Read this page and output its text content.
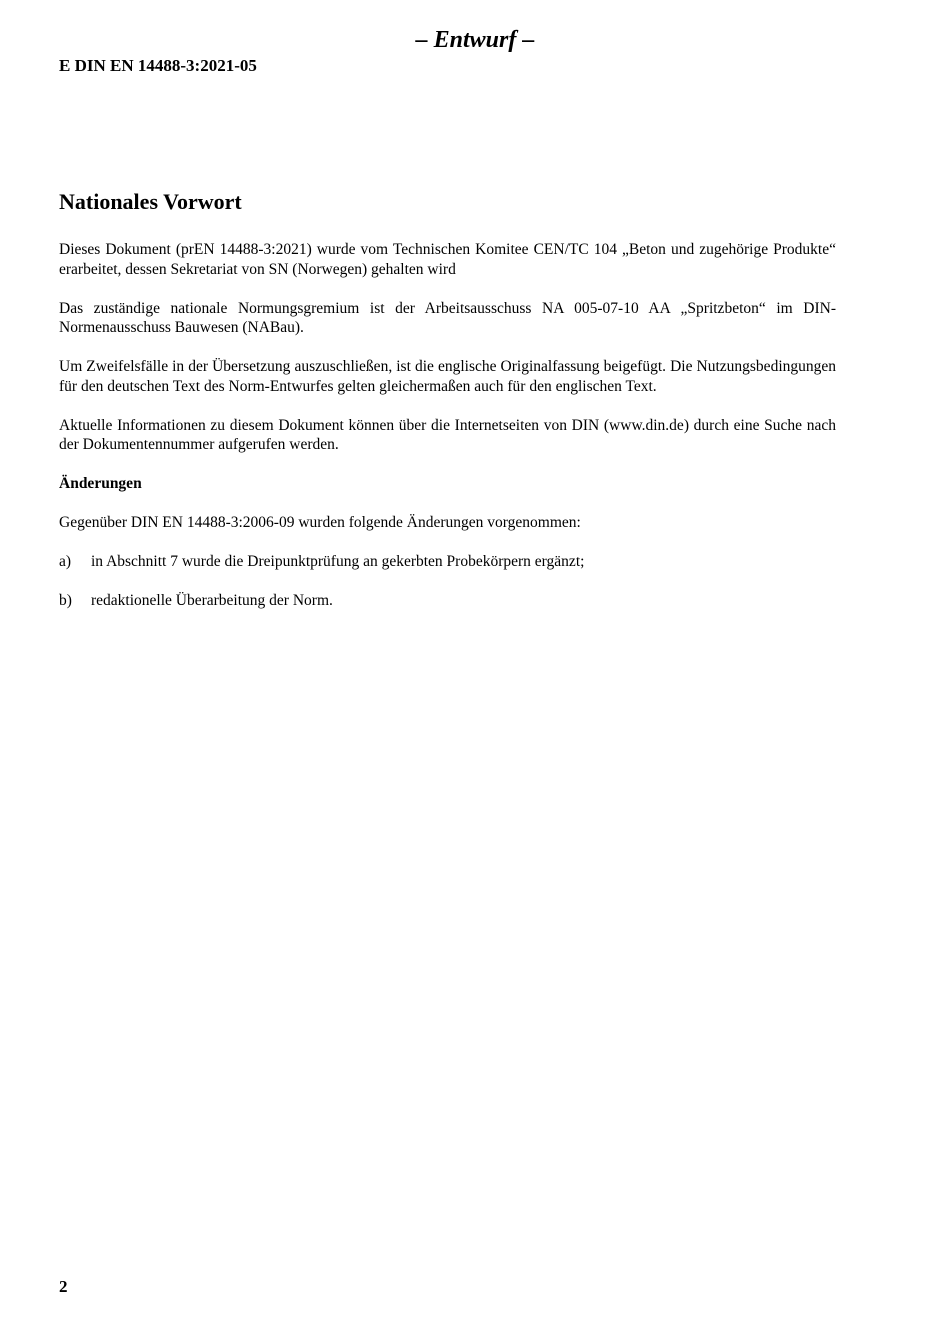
– Entwurf –
E DIN EN 14488-3:2021-05
Nationales Vorwort
Dieses Dokument (prEN 14488-3:2021) wurde vom Technischen Komitee CEN/TC 104 „Beton und zugehörige Produkte“ erarbeitet, dessen Sekretariat von SN (Norwegen) gehalten wird
Das zuständige nationale Normungsgremium ist der Arbeitsausschuss NA 005-07-10 AA „Spritzbeton“ im DIN-Normenausschuss Bauwesen (NABau).
Um Zweifelsfälle in der Übersetzung auszuschließen, ist die englische Originalfassung beigefügt. Die Nutzungsbedingungen für den deutschen Text des Norm-Entwurfes gelten gleichermaßen auch für den englischen Text.
Aktuelle Informationen zu diesem Dokument können über die Internetseiten von DIN (www.din.de) durch eine Suche nach der Dokumentennummer aufgerufen werden.
Änderungen
Gegenüber DIN EN 14488-3:2006-09 wurden folgende Änderungen vorgenommen:
a)	in Abschnitt 7 wurde die Dreipunktprüfung an gekerbten Probekörpern ergänzt;
b)	redaktionelle Überarbeitung der Norm.
2
